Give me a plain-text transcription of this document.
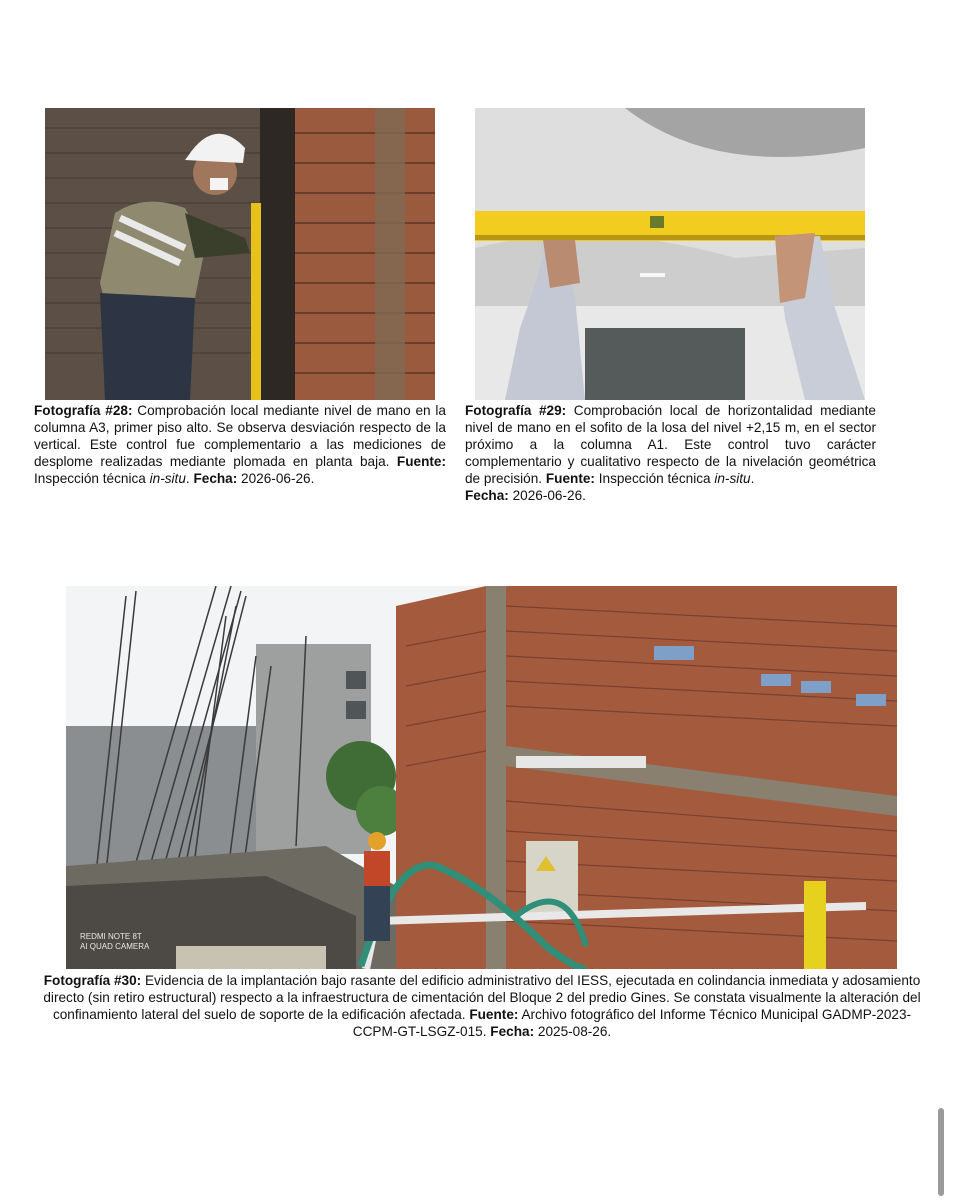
REDMI NOTE 8T
AI QUAD CAMERA
Fotografía #28: Comprobación local mediante nivel de mano en la columna A3, primer piso alto. Se observa desviación respecto de la vertical. Este control fue complementario a las mediciones de desplome realizadas mediante plomada en planta baja. Fuente: Inspección técnica in-situ. Fecha: 2026-06-26.
Fotografía #29: Comprobación local de horizontalidad mediante nivel de mano en el sofito de la losa del nivel +2,15 m, en el sector próximo a la columna A1. Este control tuvo carácter complementario y cualitativo respecto de la nivelación geométrica de precisión. Fuente: Inspección técnica in-situ.
Fecha: 2026-06-26.
Fotografía #30: Evidencia de la implantación bajo rasante del edificio administrativo del IESS, ejecutada en colindancia inmediata y adosamiento directo (sin retiro estructural) respecto a la infraestructura de cimentación del Bloque 2 del predio Gines. Se constata visualmente la alteración del confinamiento lateral del suelo de soporte de la edificación afectada. Fuente: Archivo fotográfico del Informe Técnico Municipal GADMP-2023-CCPM-GT-LSGZ-015. Fecha: 2025-08-26.
